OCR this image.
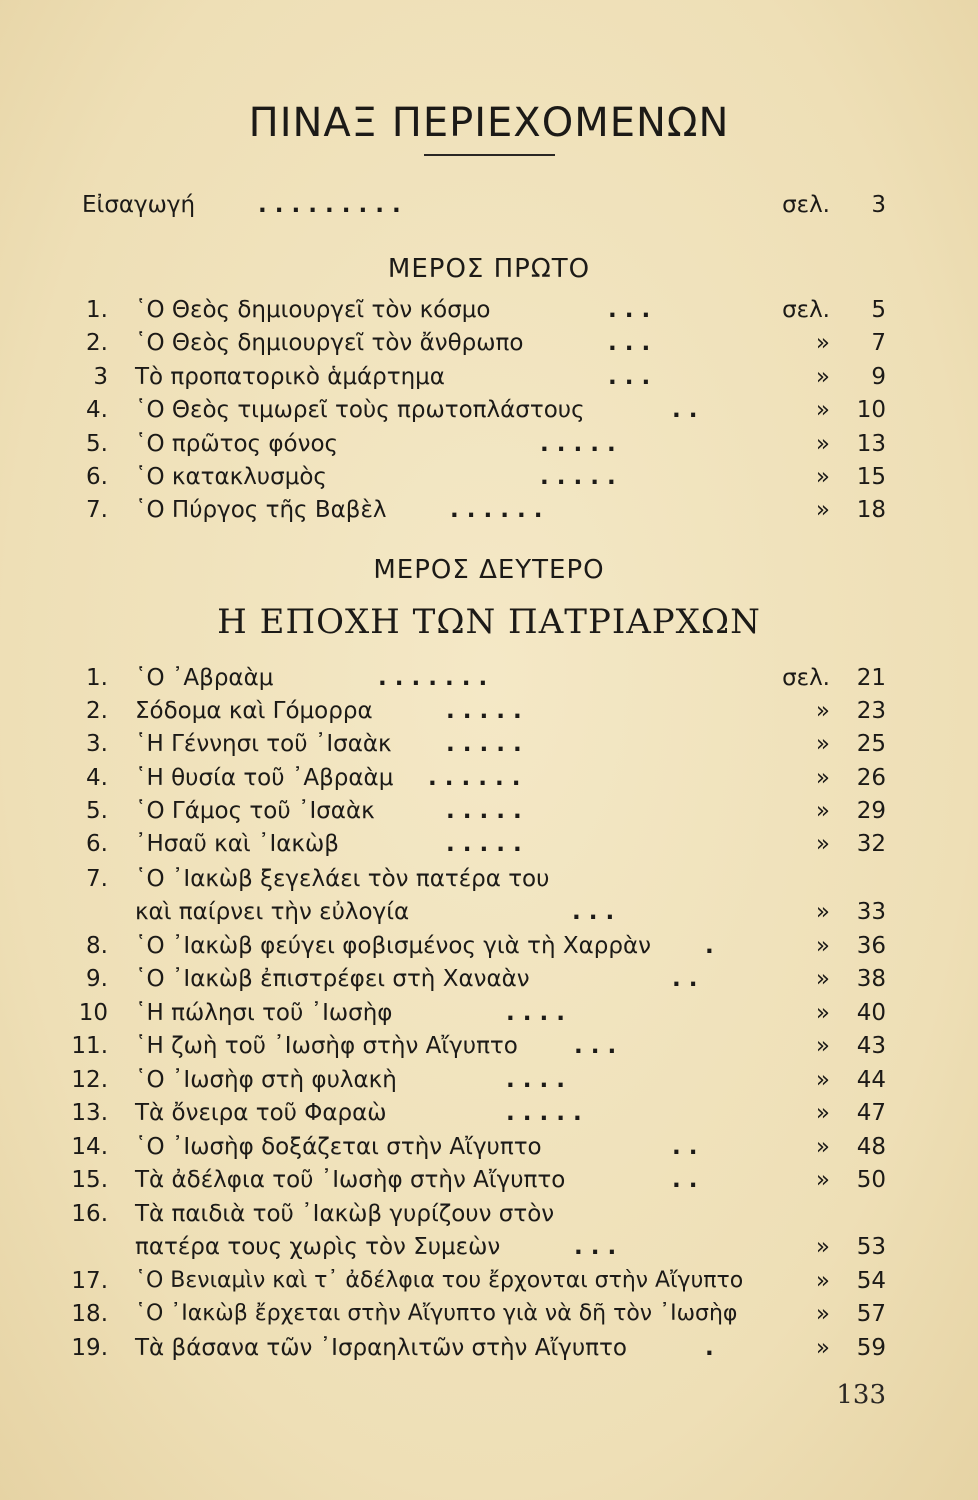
ΠΙΝΑΞ ΠΕΡΙΕΧΟΜΕΝΩΝ
Εἰσαγωγή	. . . . . . . . .	σελ.	3
ΜΕΡΟΣ ΠΡΩΤΟ
1. ῾Ο Θεὸς δημιουργεῖ τὸν κόσμο	. . .	σελ.	5
2. ῾Ο Θεὸς δημιουργεῖ τὸν ἄνθρωπο	. . .	»	7
3 Τὸ προπατορικὸ ἁμάρτημα	. . .	»	9
4. ῾Ο Θεὸς τιμωρεῖ τοὺς πρωτοπλάστους	. .	»	10
5. ῾Ο πρῶτος φόνος	. . . . .	»	13
6. ῾Ο κατακλυσμὸς	. . . . .	»	15
7. ῾Ο Πύργος τῆς Βαβὲλ	. . . . . .	»	18
ΜΕΡΟΣ ΔΕΥΤΕΡΟ
Η ΕΠΟΧΗ ΤΩΝ ΠΑΤΡΙΑΡΧΩΝ
1. ῾Ο ᾿Αβραὰμ	. . . . . . .	σελ.	21
2. Σόδομα καὶ Γόμορρα	. . . . .	»	23
3. ῾Η Γέννησι τοῦ ᾿Ισαὰκ . . . . .	»	25
4. ῾Η θυσία τοῦ ᾿Αβραὰμ . . . . . .	»	26
5. ῾Ο Γάμος τοῦ ᾿Ισαὰκ	. . . . .	»	29
6. ᾿Ησαῦ καὶ ᾿Ιακὼβ	. . . . .	»	32
7. ῾Ο ᾿Ιακὼβ ξεγελάει τὸν πατέρα του
καὶ παίρνει τὴν εὐλογία	. . .	»	33
8. ῾Ο ᾿Ιακὼβ φεύγει φοβισμένος γιὰ τὴ Χαρρὰν .	»	36
9. ῾Ο ᾿Ιακὼβ ἐπιστρέφει στὴ Χαναὰν	. .	»	38
10 ῾Η πώλησι τοῦ ᾿Ιωσὴφ	. . . .	»	40
11. ῾Η ζωὴ τοῦ ᾿Ιωσὴφ στὴν Αἴγυπτο . . .	»	43
12. ῾Ο ᾿Ιωσὴφ στὴ φυλακὴ	. . . .	»	44
13. Τὰ ὄνειρα τοῦ Φαραὼ	. . . . .	»	47
14. ῾Ο ᾿Ιωσὴφ δοξάζεται στὴν Αἴγυπτο	. .	»	48
15. Τὰ ἀδέλφια τοῦ ᾿Ιωσὴφ στὴν Αἴγυπτο	. .	»	50
16. Τὰ παιδιὰ τοῦ ᾿Ιακὼβ γυρίζουν στὸν
πατέρα τους χωρὶς τὸν Συμεὼν	. . .	»	53
17. ῾Ο Βενιαμὶν καὶ τ᾿ ἀδέλφια του ἔρχονται στὴν Αἴγυπτο	»	54
18. ῾Ο ᾿Ιακὼβ ἔρχεται στὴν Αἴγυπτο γιὰ νὰ δῆ τὸν ᾿Ιωσὴφ	»	57
19. Τὰ βάσανα τῶν ᾿Ισραηλιτῶν στὴν Αἴγυπτο	.	»	59
133
